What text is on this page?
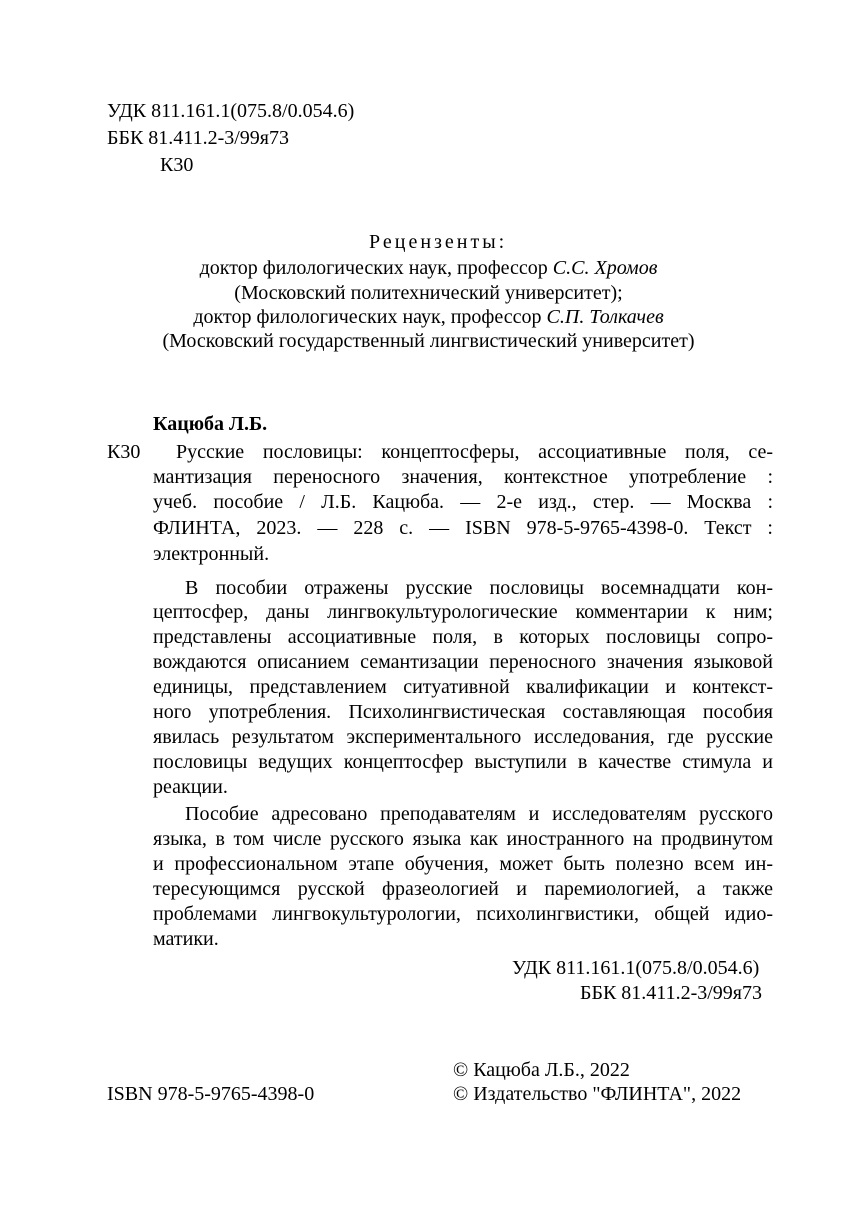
УДК 811.161.1(075.8/0.054.6)
ББК 81.411.2-3/99я73
К30
Рецензенты:
доктор филологических наук, профессор С.С. Хромов
(Московский политехнический университет);
доктор филологических наук, профессор С.П. Толкачев
(Московский государственный лингвистический университет)
Кацюба Л.Б.
К30 Русские пословицы: концептосферы, ассоциативные поля, се-
мантизация переносного значения, контекстное употребление :
учеб. пособие / Л.Б. Кацюба. — 2-е изд., стер. — Москва :
ФЛИНТА, 2023. — 228 с. — ISBN 978-5-9765-4398-0. Текст :
электронный.
В пособии отражены русские пословицы восемнадцати кон-
цептосфер, даны лингвокультурологические комментарии к ним;
представлены ассоциативные поля, в которых пословицы сопро-
вождаются описанием семантизации переносного значения языковой
единицы, представлением ситуативной квалификации и контекст-
ного употребления. Психолингвистическая составляющая пособия
явилась результатом экспериментального исследования, где русские
пословицы ведущих концептосфер выступили в качестве стимула и
реакции.
Пособие адресовано преподавателям и исследователям русского
языка, в том числе русского языка как иностранного на продвинутом
и профессиональном этапе обучения, может быть полезно всем ин-
тересующимся русской фразеологией и паремиологией, а также
проблемами лингвокультурологии, психолингвистики, общей идио-
матики.
УДК 811.161.1(075.8/0.054.6)
ББК 81.411.2-3/99я73
© Кацюба Л.Б., 2022
ISBN 978-5-9765-4398-0	© Издательство "ФЛИНТА", 2022
